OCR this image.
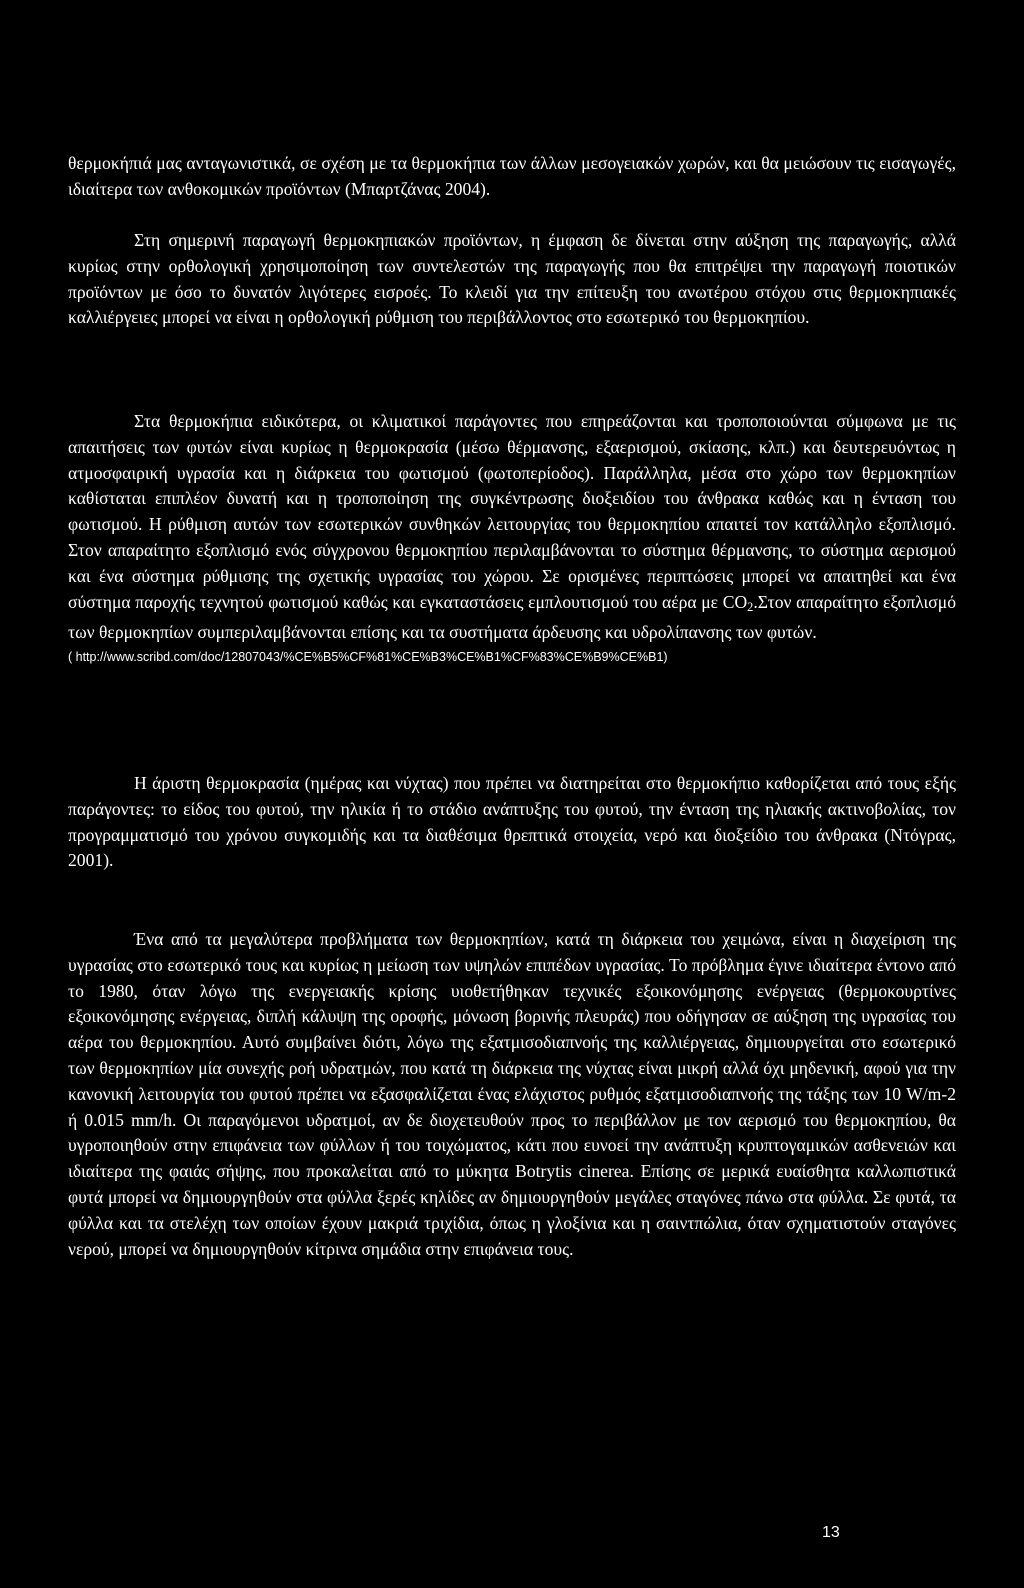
θερμοκήπιά μας ανταγωνιστικά, σε σχέση με τα θερμοκήπια των άλλων μεσογειακών χωρών, και θα μειώσουν τις εισαγωγές, ιδιαίτερα των ανθοκομικών προϊόντων (Μπαρτζάνας 2004).

Στη σημερινή παραγωγή θερμοκηπιακών προϊόντων, η έμφαση δε δίνεται στην αύξηση της παραγωγής, αλλά κυρίως στην ορθολογική χρησιμοποίηση των συντελεστών της παραγωγής που θα επιτρέψει την παραγωγή ποιοτικών προϊόντων με όσο το δυνατόν λιγότερες εισροές. Το κλειδί για την επίτευξη του ανωτέρου στόχου στις θερμοκηπιακές καλλιέργειες μπορεί να είναι η ορθολογική ρύθμιση του περιβάλλοντος στο εσωτερικό του θερμοκηπίου.

Στα θερμοκήπια ειδικότερα, οι κλιματικοί παράγοντες που επηρεάζονται και τροποποιούνται σύμφωνα με τις απαιτήσεις των φυτών είναι κυρίως η θερμοκρασία (μέσω θέρμανσης, εξαερισμού, σκίασης, κλπ.) και δευτερευόντως η ατμοσφαιρική υγρασία και η διάρκεια του φωτισμού (φωτοπερίοδος). Παράλληλα, μέσα στο χώρο των θερμοκηπίων καθίσταται επιπλέον δυνατή και η τροποποίηση της συγκέντρωσης διοξειδίου του άνθρακα καθώς και η ένταση του φωτισμού. Η ρύθμιση αυτών των εσωτερικών συνθηκών λειτουργίας του θερμοκηπίου απαιτεί τον κατάλληλο εξοπλισμό. Στον απαραίτητο εξοπλισμό ενός σύγχρονου θερμοκηπίου περιλαμβάνονται το σύστημα θέρμανσης, το σύστημα αερισμού και ένα σύστημα ρύθμισης της σχετικής υγρασίας του χώρου. Σε ορισμένες περιπτώσεις μπορεί να απαιτηθεί και ένα σύστημα παροχής τεχνητού φωτισμού καθώς και εγκαταστάσεις εμπλουτισμού του αέρα με $CO_2.\Sigma\tau o\nu$ απαραίτητο εξοπλισμό των θερμοκηπίων συμπεριλαμβάνονται επίσης και τα συστήματα άρδευσης και υδρολίπανσης των φυτών.

( http://www.scribd.com/doc/12807043/%CE%B5%CF%81%CE%B3%CE%B1%CF%83%CE%B9%CE%B1)

Η άριστη θερμοκρασία (ημέρας και νύχτας) που πρέπει να διατηρείται στο θερμοκήπιο καθορίζεται από τους εξής παράγοντες: το είδος του φυτού, την ηλικία ή το στάδιο ανάπτυξης του φυτού, την ένταση της ηλιακής ακτινοβολίας, τον προγραμματισμό του χρόνου συγκομιδής και τα διαθέσιμα θρεπτικά στοιχεία, νερό και διοξείδιο του άνθρακα (Ντόγρας, 2001).

Ένα από τα μεγαλύτερα προβλήματα των θερμοκηπίων, κατά τη διάρκεια του χειμώνα, είναι η διαχείριση της υγρασίας στο εσωτερικό τους και κυρίως η μείωση των υψηλών επιπέδων υγρασίας. Το πρόβλημα έγινε ιδιαίτερα έντονο από το 1980, όταν λόγω της ενεργειακής κρίσης υιοθετήθηκαν τεχνικές εξοικονόμησης ενέργειας (θερμοκουρτίνες εξοικονόμησης ενέργειας, διπλή κάλυψη της οροφής, μόνωση βορινής πλευράς) που οδήγησαν σε αύξηση της υγρασίας του αέρα του θερμοκηπίου. Αυτό συμβαίνει διότι, λόγω της εξατμισοδιαπνοής της καλλιέργειας, δημιουργείται στο εσωτερικό των θερμοκηπίων μία συνεχής ροή υδρατμών, που κατά τη διάρκεια της νύχτας είναι μικρή αλλά όχι μηδενική, αφού για την κανονική λειτουργία του φυτού πρέπει να εξασφαλίζεται ένας ελάχιστος ρυθμός εξατμισοδιαπνοής της τάξης των 10 W/m-2 ή 0.015 mm/h. Οι παραγόμενοι υδρατμοί, αν δε διοχετευθούν προς το περιβάλλον με τον αερισμό του θερμοκηπίου, θα υγροποιηθούν στην επιφάνεια των φύλλων ή του τοιχώματος, κάτι που ευνοεί την ανάπτυξη κρυπτογαμικών ασθενειών και ιδιαίτερα της φαιάς σήψης, που προκαλείται από το μύκητα Botrytis cinerea. Επίσης σε μερικά ευαίσθητα καλλωπιστικά φυτά μπορεί να δημιουργηθούν στα φύλλα ξερές κηλίδες αν δημιουργηθούν μεγάλες σταγόνες πάνω στα φύλλα. Σε φυτά, τα φύλλα και τα στελέχη των οποίων έχουν μακριά τριχίδια, όπως η γλοξίνια και η σαιντπώλια, όταν σχηματιστούν σταγόνες νερού, μπορεί να δημιουργηθούν κίτρινα σημάδια στην επιφάνεια τους.

13
